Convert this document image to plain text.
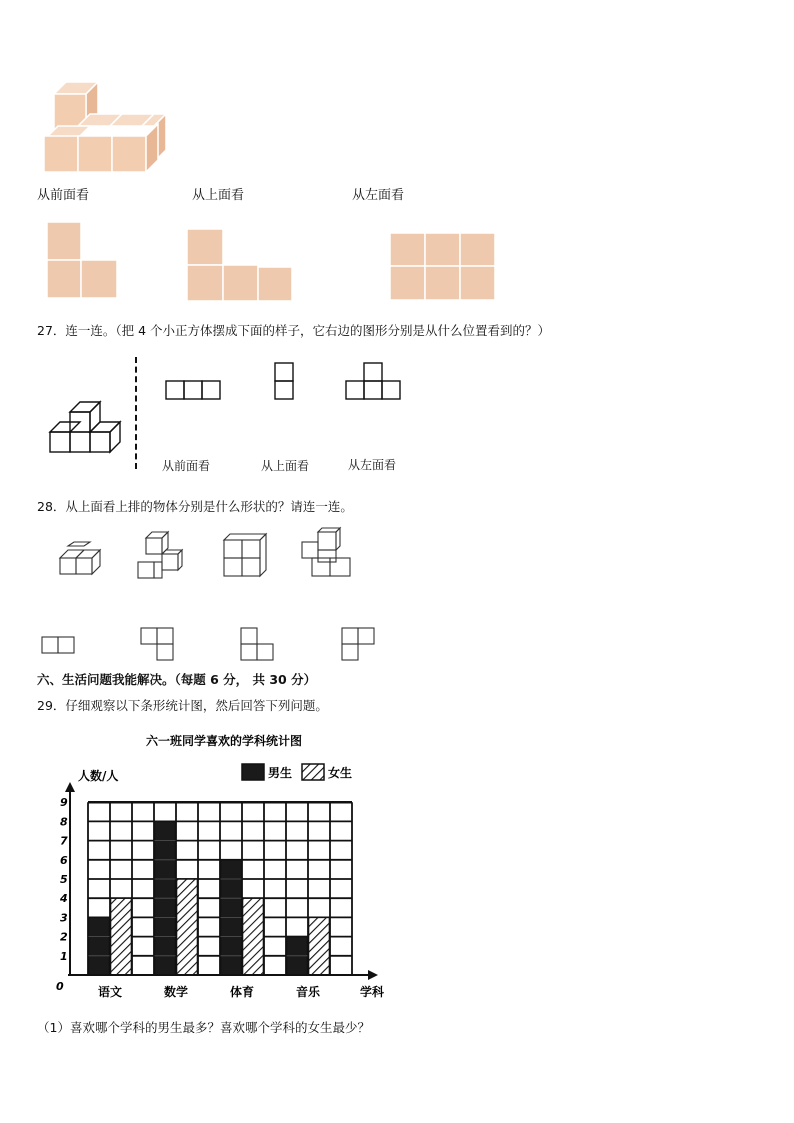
从前面看	从上面看	从左面看
27．连一连。（把 4 个小正方体摆成下面的样子，它右边的图形分别是从什么位置看到的？）
从前面看	从上面看	从左面看
28．从上面看上排的物体分别是什么形状的？请连一连。
六、生活问题我能解决。（每题 6 分， 共 30 分）
29．仔细观察以下条形统计图，然后回答下列问题。
六一班同学喜欢的学科统计图
人数/人
学科
0
1
2
3
4
5
6
7
8
9
语文	数学	体育	音乐
男生	女生
（1）喜欢哪个学科的男生最多？喜欢哪个学科的女生最少？
